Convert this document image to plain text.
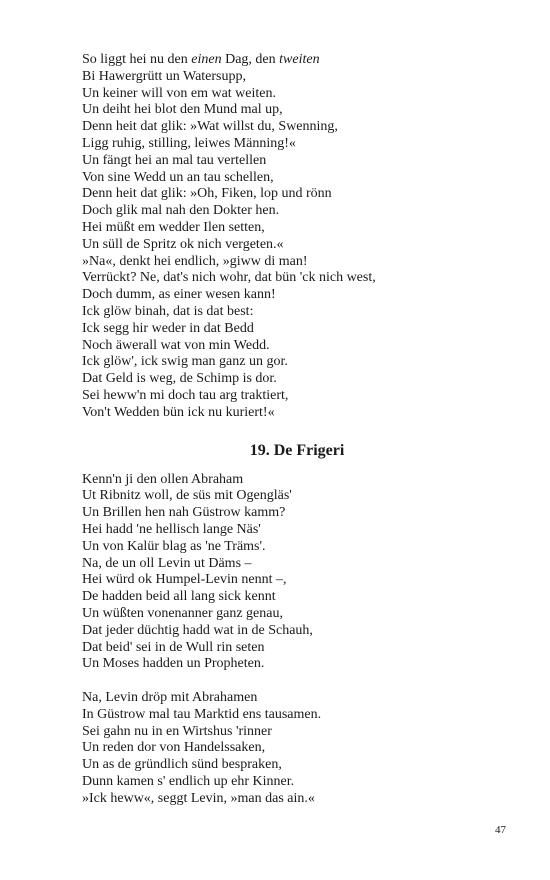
So liggt hei nu den einen Dag, den tweiten
Bi Hawergrütt un Watersupp,
Un keiner will von em wat weiten.
Un deiht hei blot den Mund mal up,
Denn heit dat glik: »Wat willst du, Swenning,
Ligg ruhig, stilling, leiwes Männing!«
Un fängt hei an mal tau vertellen
Von sine Wedd un an tau schellen,
Denn heit dat glik: »Oh, Fiken, lop und rönn
Doch glik mal nah den Dokter hen.
Hei müßt em wedder Ilen setten,
Un süll de Spritz ok nich vergeten.«
»Na«, denkt hei endlich, »giww di man!
Verrückt? Ne, dat's nich wohr, dat bün 'ck nich west,
Doch dumm, as einer wesen kann!
Ick glöw binah, dat is dat best:
Ick segg hir weder in dat Bedd
Noch äwerall wat von min Wedd.
Ick glöw', ick swig man ganz un gor.
Dat Geld is weg, de Schimp is dor.
Sei heww'n mi doch tau arg traktiert,
Von't Wedden bün ick nu kuriert!«
19. De Frigeri
Kenn'n ji den ollen Abraham
Ut Ribnitz woll, de süs mit Ogengläs'
Un Brillen hen nah Güstrow kamm?
Hei hadd 'ne hellisch lange Näs'
Un von Kalür blag as 'ne Träms'.
Na, de un oll Levin ut Däms –
Hei würd ok Humpel-Levin nennt –,
De hadden beid all lang sick kennt
Un wüßten vonenanner ganz genau,
Dat jeder düchtig hadd wat in de Schauh,
Dat beid' sei in de Wull rin seten
Un Moses hadden un Propheten.
Na, Levin dröp mit Abrahamen
In Güstrow mal tau Marktid ens tausamen.
Sei gahn nu in en Wirtshus 'rinner
Un reden dor von Handelssaken,
Un as de gründlich sünd bespraken,
Dunn kamen s' endlich up ehr Kinner.
»Ick heww«, seggt Levin, »man das ain.«
47
